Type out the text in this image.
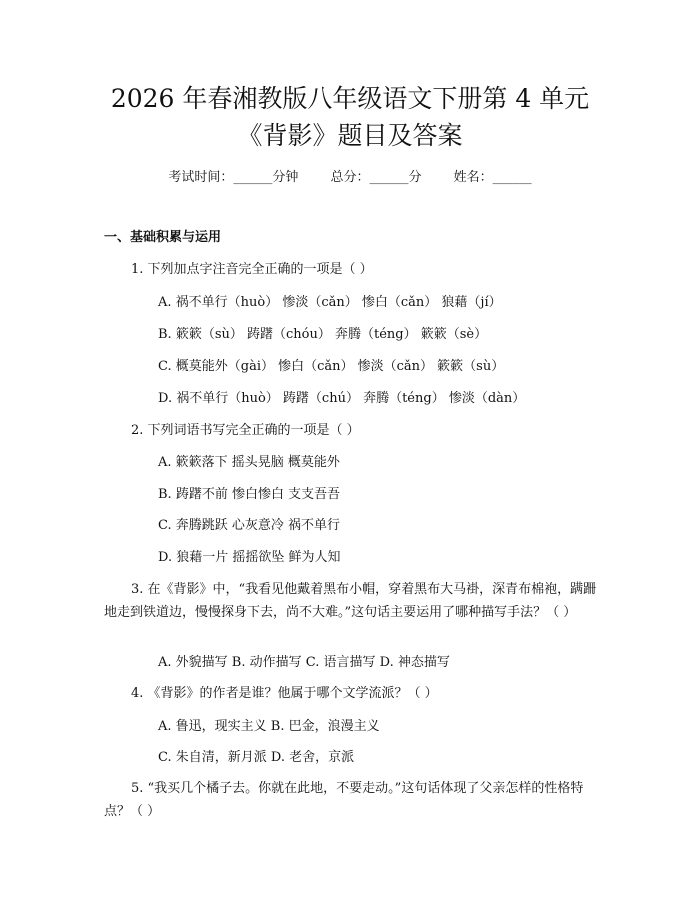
2026 年春湘教版八年级语文下册第 4 单元
《背影》题目及答案
考试时间：______分钟 总分：______分 姓名：______
一、基础积累与运用
1. 下列加点字注音完全正确的一项是（ ）
A. 祸不单行（huò） 惨淡（cǎn） 惨白（cǎn） 狼藉（jí）
B. 簌簌（sù） 踌躇（chóu） 奔腾（téng） 簌簌（sè）
C. 概莫能外（gài） 惨白（cǎn） 惨淡（cǎn） 簌簌（sù）
D. 祸不单行（huò） 踌躇（chú） 奔腾（téng） 惨淡（dàn）
2. 下列词语书写完全正确的一项是（ ）
A. 簌簌落下 摇头晃脑 概莫能外
B. 踌躇不前 惨白惨白 支支吾吾
C. 奔腾跳跃 心灰意冷 祸不单行
D. 狼藉一片 摇摇欲坠 鲜为人知
3. 在《背影》中，“我看见他戴着黑布小帽，穿着黑布大马褂，深青布棉袍，蹒跚地走到铁道边，慢慢探身下去，尚不大难。”这句话主要运用了哪种描写手法？（ ）
A. 外貌描写 B. 动作描写 C. 语言描写 D. 神态描写
4. 《背影》的作者是谁？他属于哪个文学流派？（ ）
A. 鲁迅，现实主义 B. 巴金，浪漫主义
C. 朱自清，新月派 D. 老舍，京派
5. “我买几个橘子去。你就在此地，不要走动。”这句话体现了父亲怎样的性格特点？（ ）
